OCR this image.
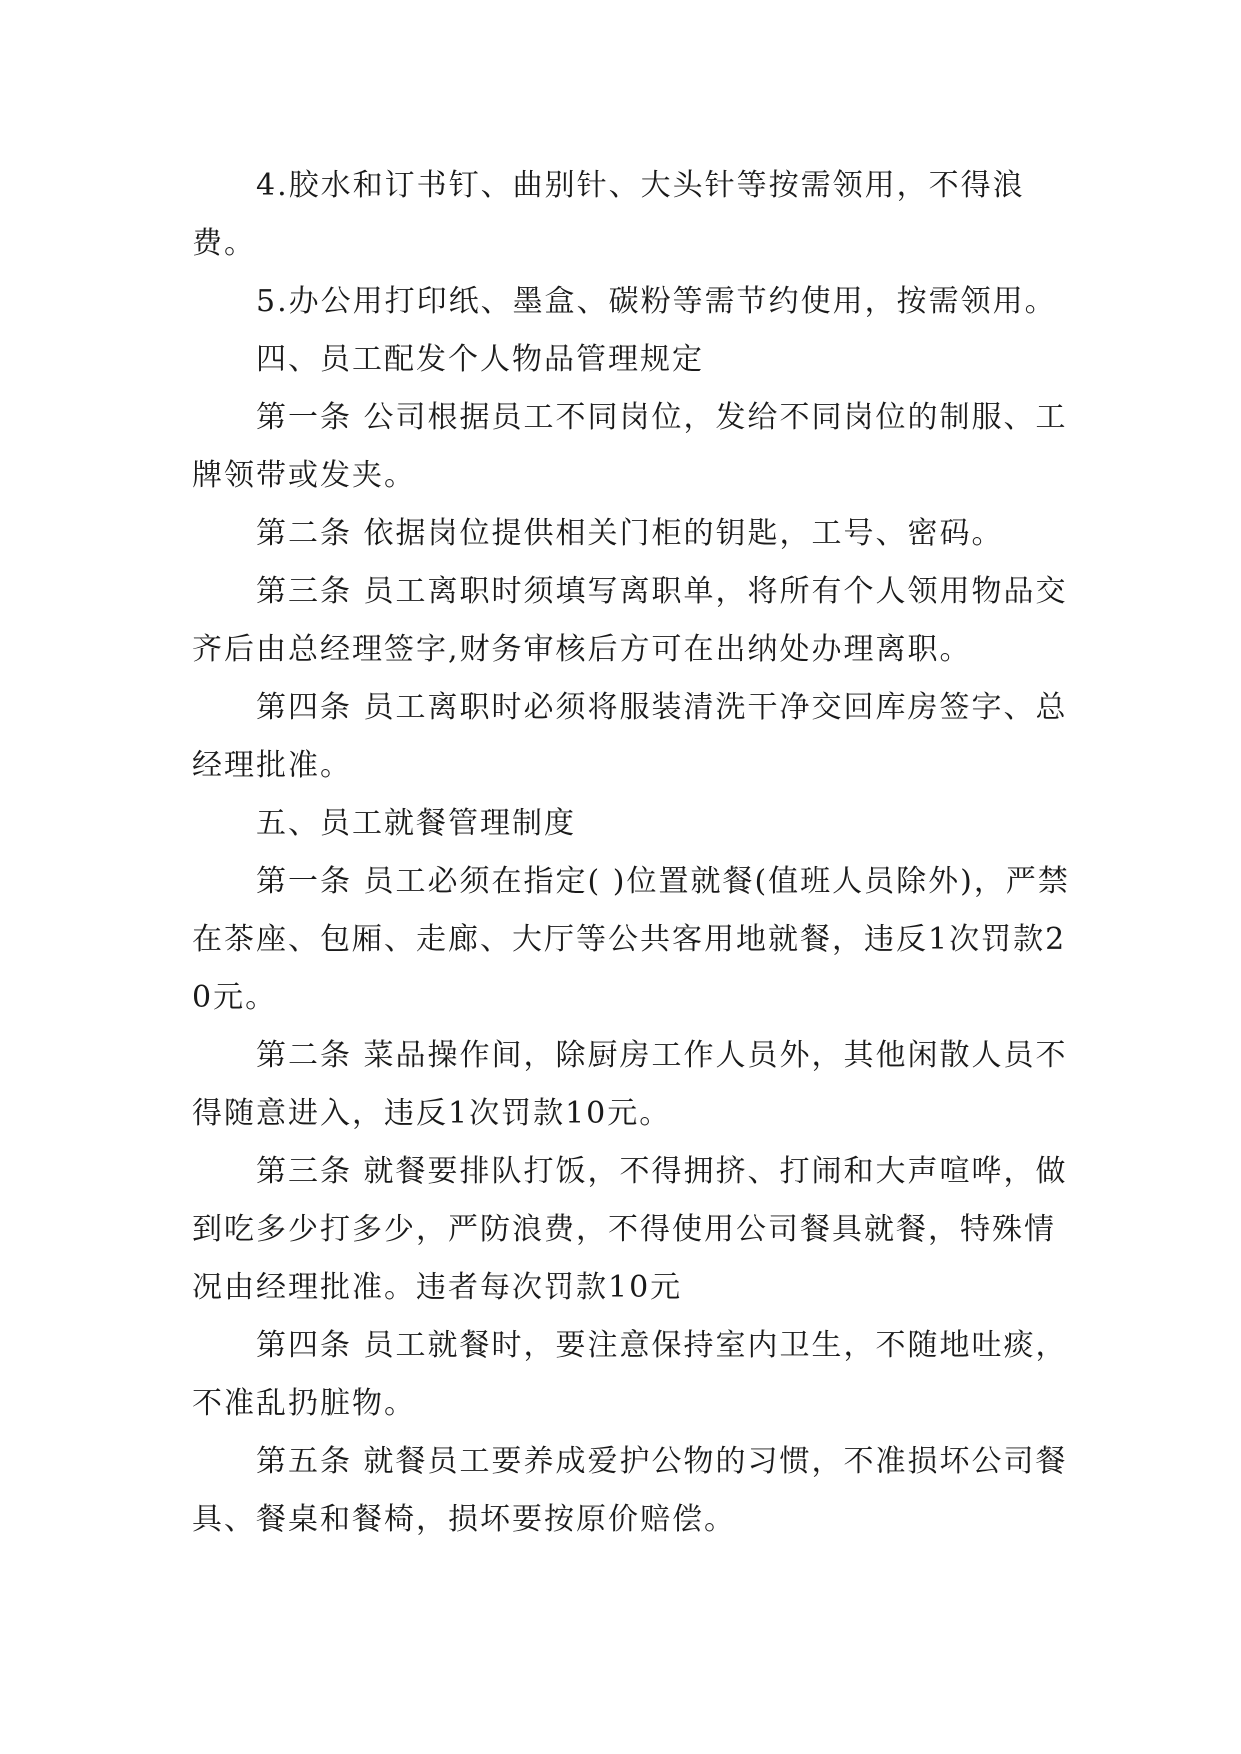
4.胶水和订书钉、曲别针、大头针等按需领用，不得浪费。

5.办公用打印纸、墨盒、碳粉等需节约使用，按需领用。

四、员工配发个人物品管理规定

第一条 公司根据员工不同岗位，发给不同岗位的制服、工牌领带或发夹。

第二条 依据岗位提供相关门柜的钥匙，工号、密码。

第三条 员工离职时须填写离职单，将所有个人领用物品交齐后由总经理签字,财务审核后方可在出纳处办理离职。

第四条 员工离职时必须将服装清洗干净交回库房签字、总经理批准。

五、员工就餐管理制度

第一条 员工必须在指定( )位置就餐(值班人员除外)，严禁在茶座、包厢、走廊、大厅等公共客用地就餐，违反1次罚款20元。

第二条 菜品操作间，除厨房工作人员外，其他闲散人员不得随意进入，违反1次罚款10元。

第三条 就餐要排队打饭，不得拥挤、打闹和大声喧哗，做到吃多少打多少，严防浪费，不得使用公司餐具就餐，特殊情况由经理批准。违者每次罚款10元

第四条 员工就餐时，要注意保持室内卫生，不随地吐痰，不准乱扔脏物。

第五条 就餐员工要养成爱护公物的习惯，不准损坏公司餐具、餐桌和餐椅，损坏要按原价赔偿。
